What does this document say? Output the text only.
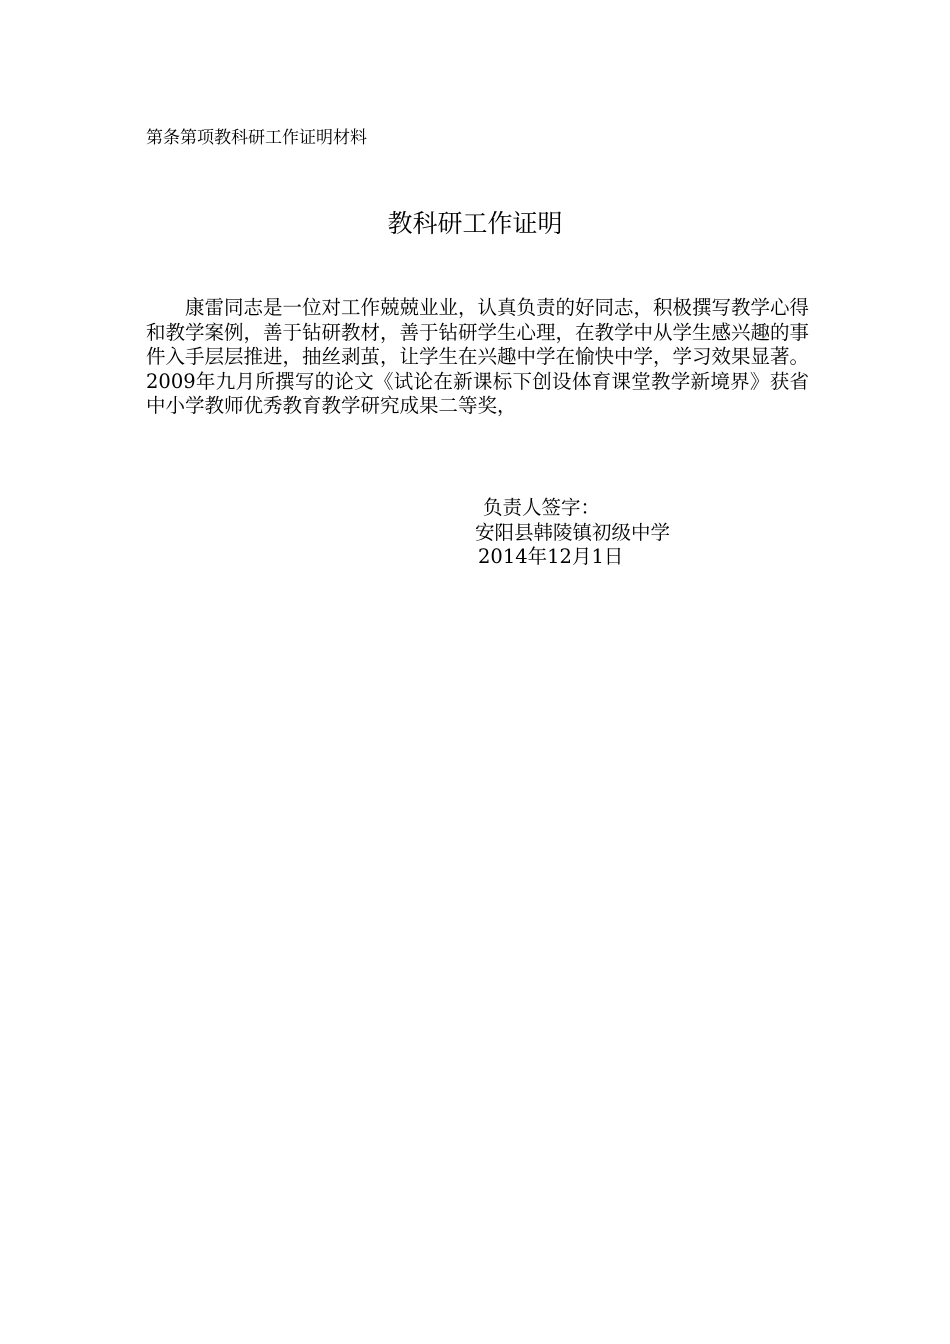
第条第项教科研工作证明材料
教科研工作证明

康雷同志是一位对工作兢兢业业，认真负责的好同志，积极撰写教学心得和教学案例，善于钻研教材，善于钻研学生心理，在教学中从学生感兴趣的事件入手层层推进，抽丝剥茧，让学生在兴趣中学在愉快中学，学习效果显著。2009年九月所撰写的论文《试论在新课标下创设体育课堂教学新境界》获省中小学教师优秀教育教学研究成果二等奖，

负责人签字：
安阳县韩陵镇初级中学
2014年12月1日
